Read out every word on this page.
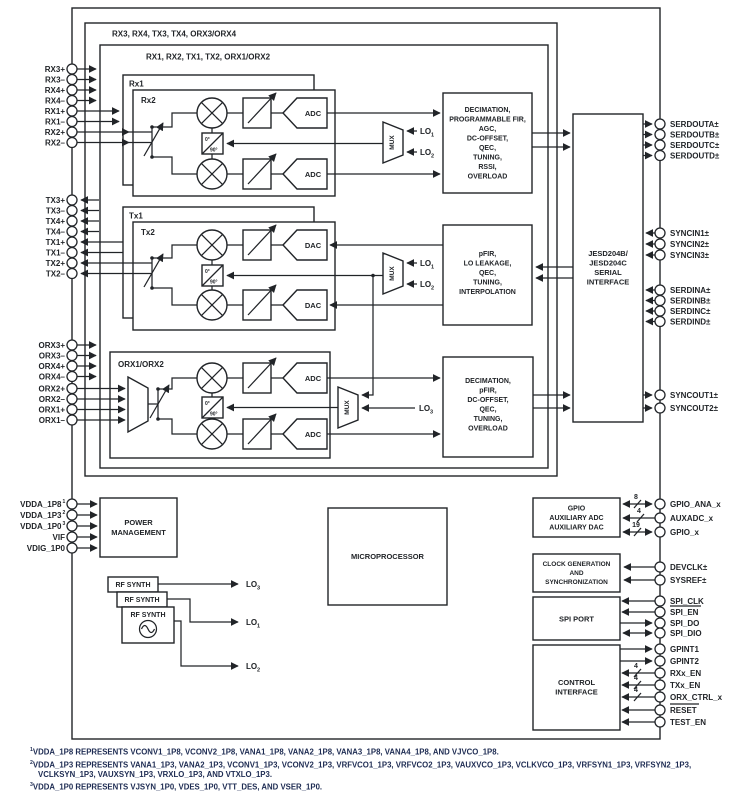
0°
90°
ADC
ADC
MUX
LO 1
LO 2
0°
90°
DAC
DAC
MUX
LO 1
LO 2
0°
90°
ADC
ADC
MUX	LO 3
LO 3
LO 1
LO 2
8
4
19
4
4
4
RX3, RX4, TX3, TX4, ORX3/ORX4
RX1, RX2, TX1, TX2, ORX1/ORX2
Rx1
Rx2
Tx1
Tx2
ORX1/ORX2
DECIMATION,
PROGRAMMABLE FIR,
AGC,
DC-OFFSET,
QEC,
TUNING,
RSSI,
OVERLOAD
pFIR,
LO LEAKAGE,
QEC,
TUNING,
INTERPOLATION
DECIMATION,
pFIR,
DC-OFFSET,
QEC,
TUNING,
OVERLOAD
JESD204B/
JESD204C
SERIAL
INTERFACE
POWER
MANAGEMENT
MICROPROCESSOR
GPIO
AUXILIARY ADC
AUXILIARY DAC
CLOCK GENERATION
AND
SYNCHRONIZATION
SPI PORT
CONTROL
INTERFACE
RF SYNTH
RF SYNTH
RF SYNTH
RX3+
RX3–
RX4+
RX4–
RX1+
RX1–
RX2+
RX2–
TX3+
TX3–
TX4+
TX4–
TX1+
TX1–
TX2+
TX2–
ORX3+
ORX3–
ORX4+
ORX4–
ORX2+
ORX2–
ORX1+
ORX1–
VDDA_1P8 1
VDDA_1P3 2
VDDA_1P0 3
VIF
VDIG_1P0
SERDOUTA±
SERDOUTB±
SERDOUTC±
SERDOUTD±
SYNCIN1±
SYNCIN2±
SYNCIN3±
SERDINA±
SERDINB±
SERDINC±
SERDIND±
SYNCOUT1±
SYNCOUT2±
GPIO_ANA_x
AUXADC_x
GPIO_x
DEVCLK±
SYSREF±
SPI_CLK
SPI_EN
SPI_DO
SPI_DIO
GPINT1
GPINT2
RXx_EN
TXx_EN
ORX_CTRL_x
RESET
TEST_EN
$^1$VDDA_1P8 REPRESENTS VCONV1_1P8, VCONV2_1P8, VANA1_1P8, VANA2_1P8, VANA3_1P8, VANA4_1P8, AND VJVCO_1P8.
$^2$VDDA_1P3 REPRESENTS VANA1_1P3, VANA2_1P3, VCONV1_1P3, VCONV2_1P3, VRFVCO1_1P3, VRFVCO2_1P3, VAUXVCO_1P3, VCLKVCO_1P3, VRFSYN1_1P3, VRFSYN2_1P3, VCLKSYN_1P3, VAUXSYN_1P3, VRXLO_1P3, AND VTXLO_1P3.
$^3$VDDA_1P0 REPRESENTS VJSYN_1P0, VDES_1P0, VTT_DES, AND VSER_1P0.
